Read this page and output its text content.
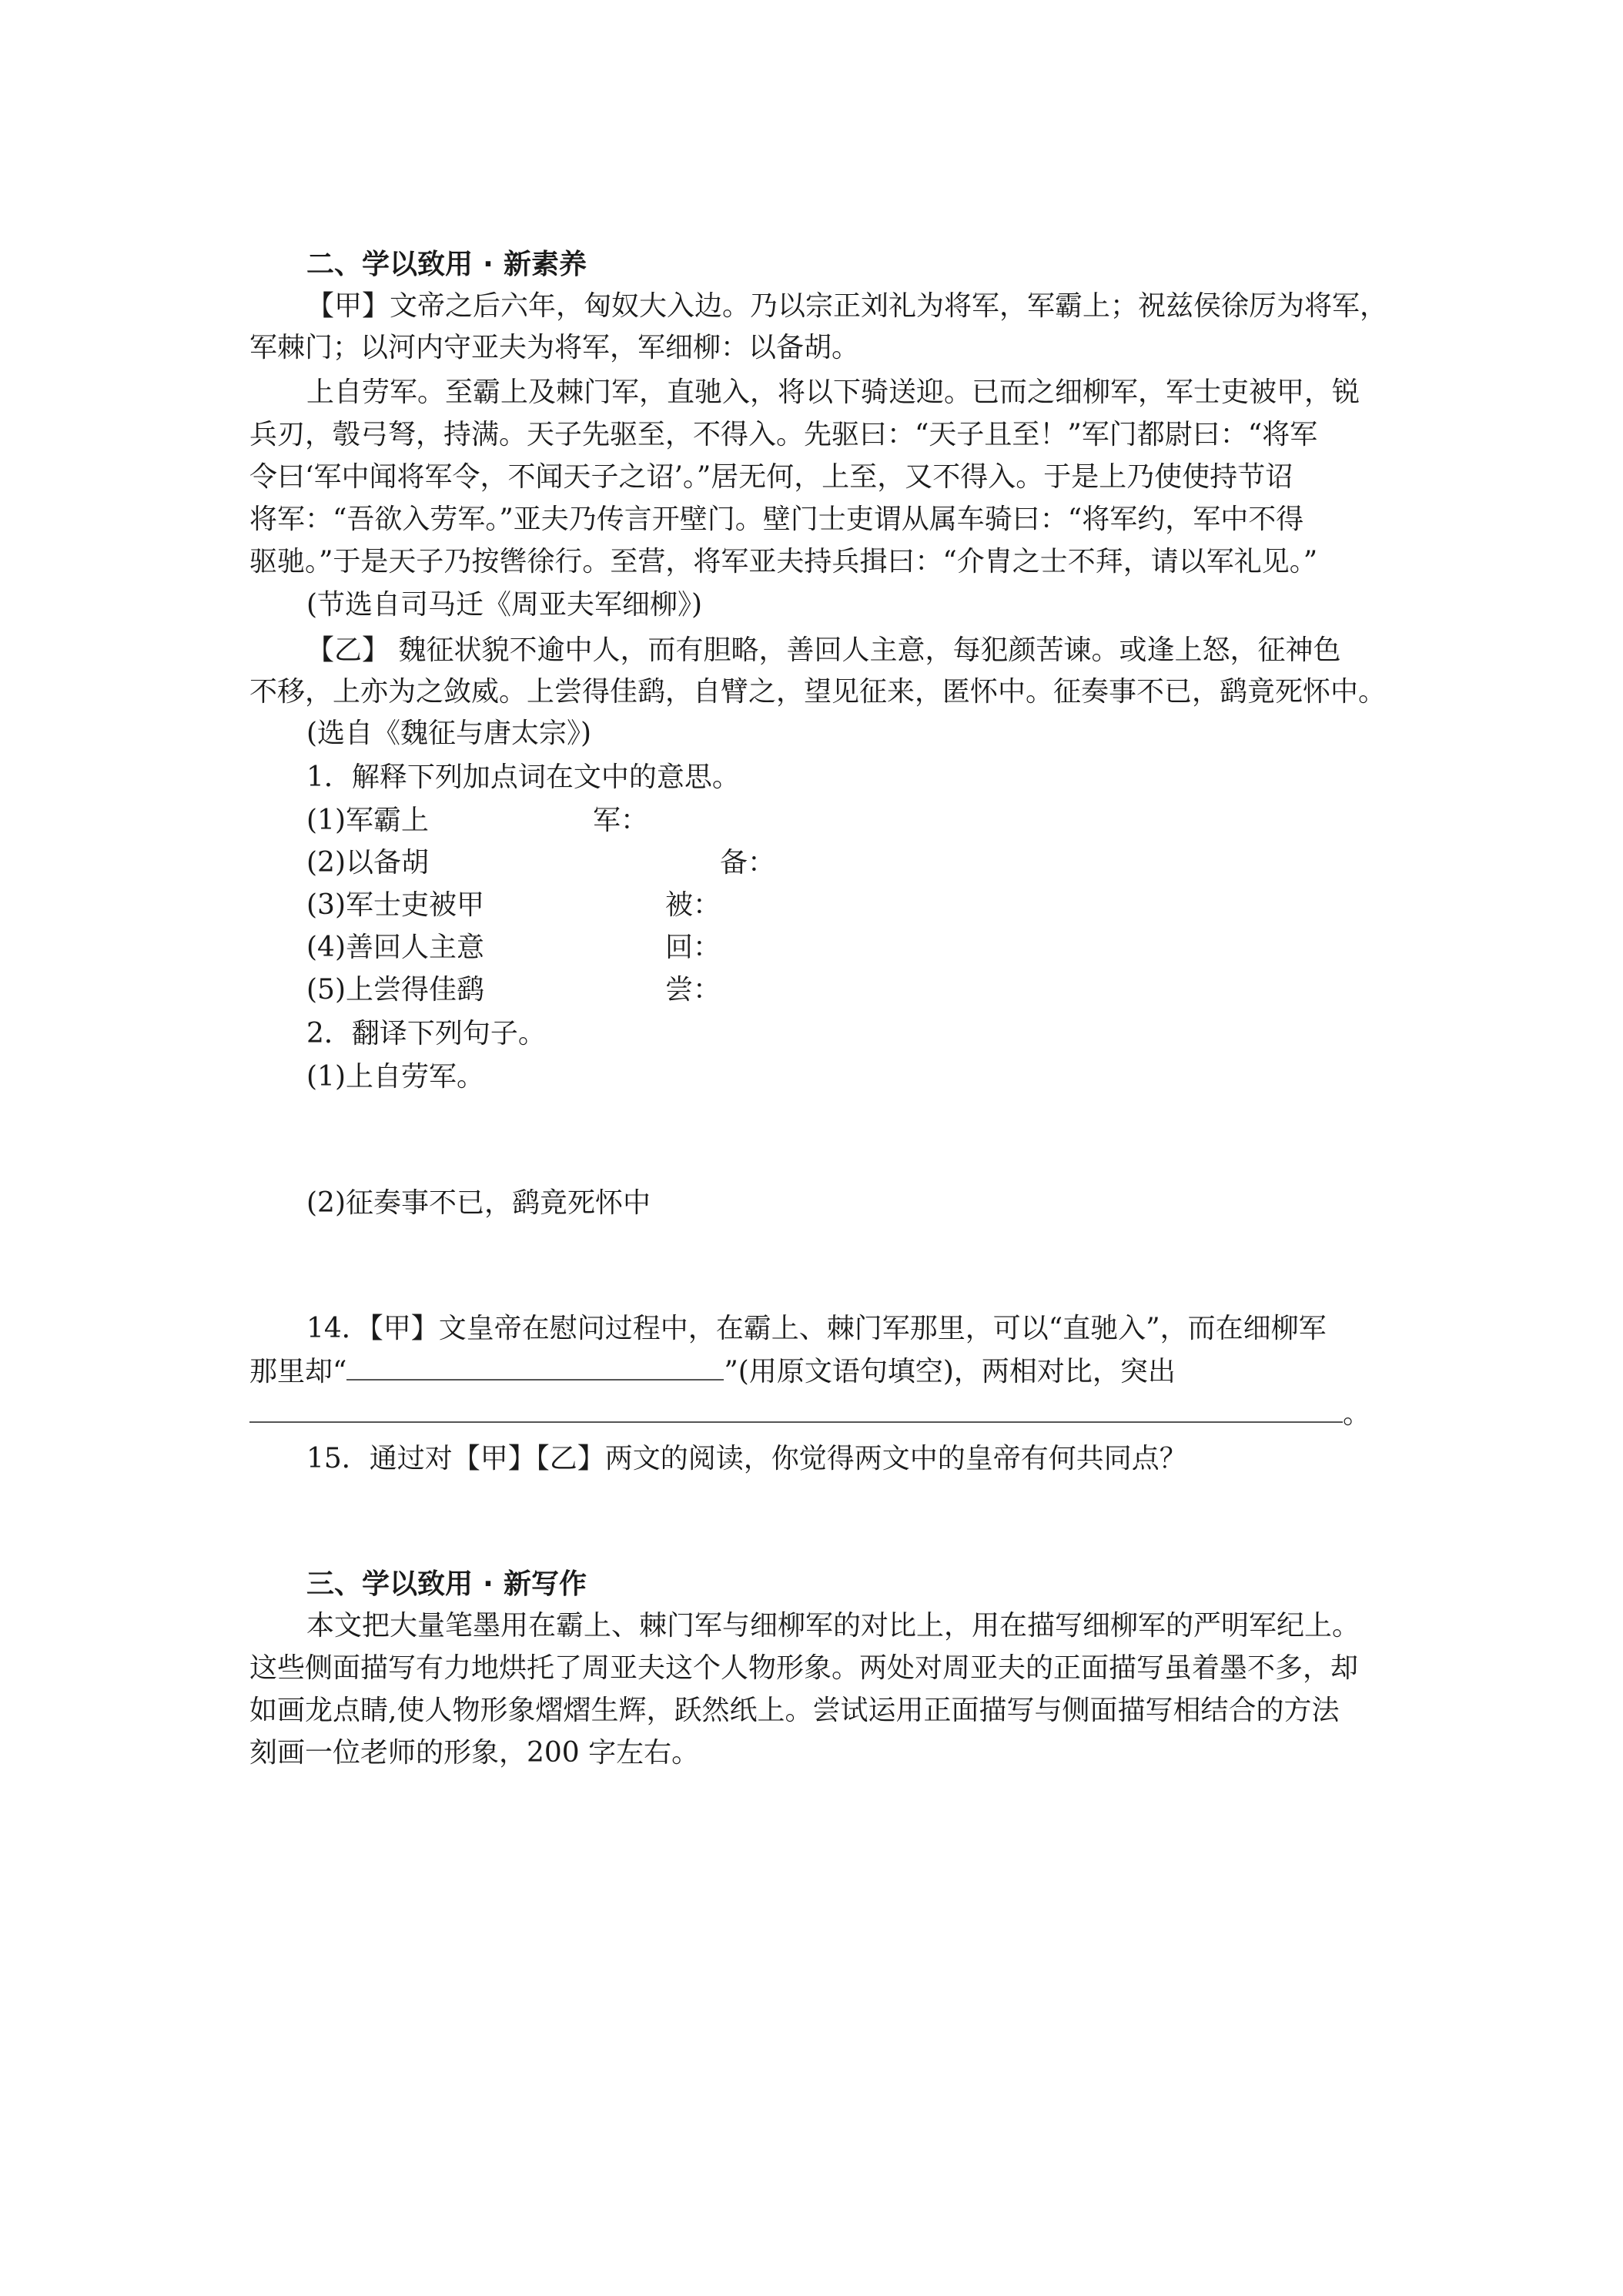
二、学以致用 · 新素养
【甲】文帝之后六年，匈奴大入边。乃以宗正刘礼为将军，军霸上；祝兹侯徐厉为将军，
军棘门；以河内守亚夫为将军，军细柳：以备胡。
上自劳军。至霸上及棘门军，直驰入，将以下骑送迎。已而之细柳军，军士吏被甲，锐
兵刃，彀弓弩，持满。天子先驱至，不得入。先驱曰：“天子且至！”军门都尉曰：“将军
令曰‘军中闻将军令，不闻天子之诏’。”居无何，上至，又不得入。于是上乃使使持节诏
将军：“吾欲入劳军。”亚夫乃传言开壁门。壁门士吏谓从属车骑曰：“将军约，军中不得
驱驰。”于是天子乃按辔徐行。至营，将军亚夫持兵揖曰：“介胄之士不拜，请以军礼见。”
(节选自司马迁《周亚夫军细柳》)
【乙】 魏征状貌不逾中人，而有胆略，善回人主意，每犯颜苦谏。或逢上怒，征神色
不移，上亦为之敛威。上尝得佳鹞，自臂之，望见征来，匿怀中。征奏事不已，鹞竟死怀中。
(选自《魏征与唐太宗》)
1．解释下列加点词在文中的意思。
(1)军霸上	军：
(2)以备胡	备：
(3)军士吏被甲	被：
(4)善回人主意	回：
(5)上尝得佳鹞	尝：
2．翻译下列句子。
(1)上自劳军。
(2)征奏事不已，鹞竟死怀中
14．【甲】文皇帝在慰问过程中，在霸上、棘门军那里，可以“直驰入”，而在细柳军
那里却“	”(用原文语句填空)，两相对比，突出
。
15．通过对【甲】【乙】两文的阅读，你觉得两文中的皇帝有何共同点？
三、学以致用 · 新写作
本文把大量笔墨用在霸上、棘门军与细柳军的对比上，用在描写细柳军的严明军纪上。
这些侧面描写有力地烘托了周亚夫这个人物形象。两处对周亚夫的正面描写虽着墨不多，却
如画龙点睛,使人物形象熠熠生辉，跃然纸上。尝试运用正面描写与侧面描写相结合的方法
刻画一位老师的形象，200 字左右。
